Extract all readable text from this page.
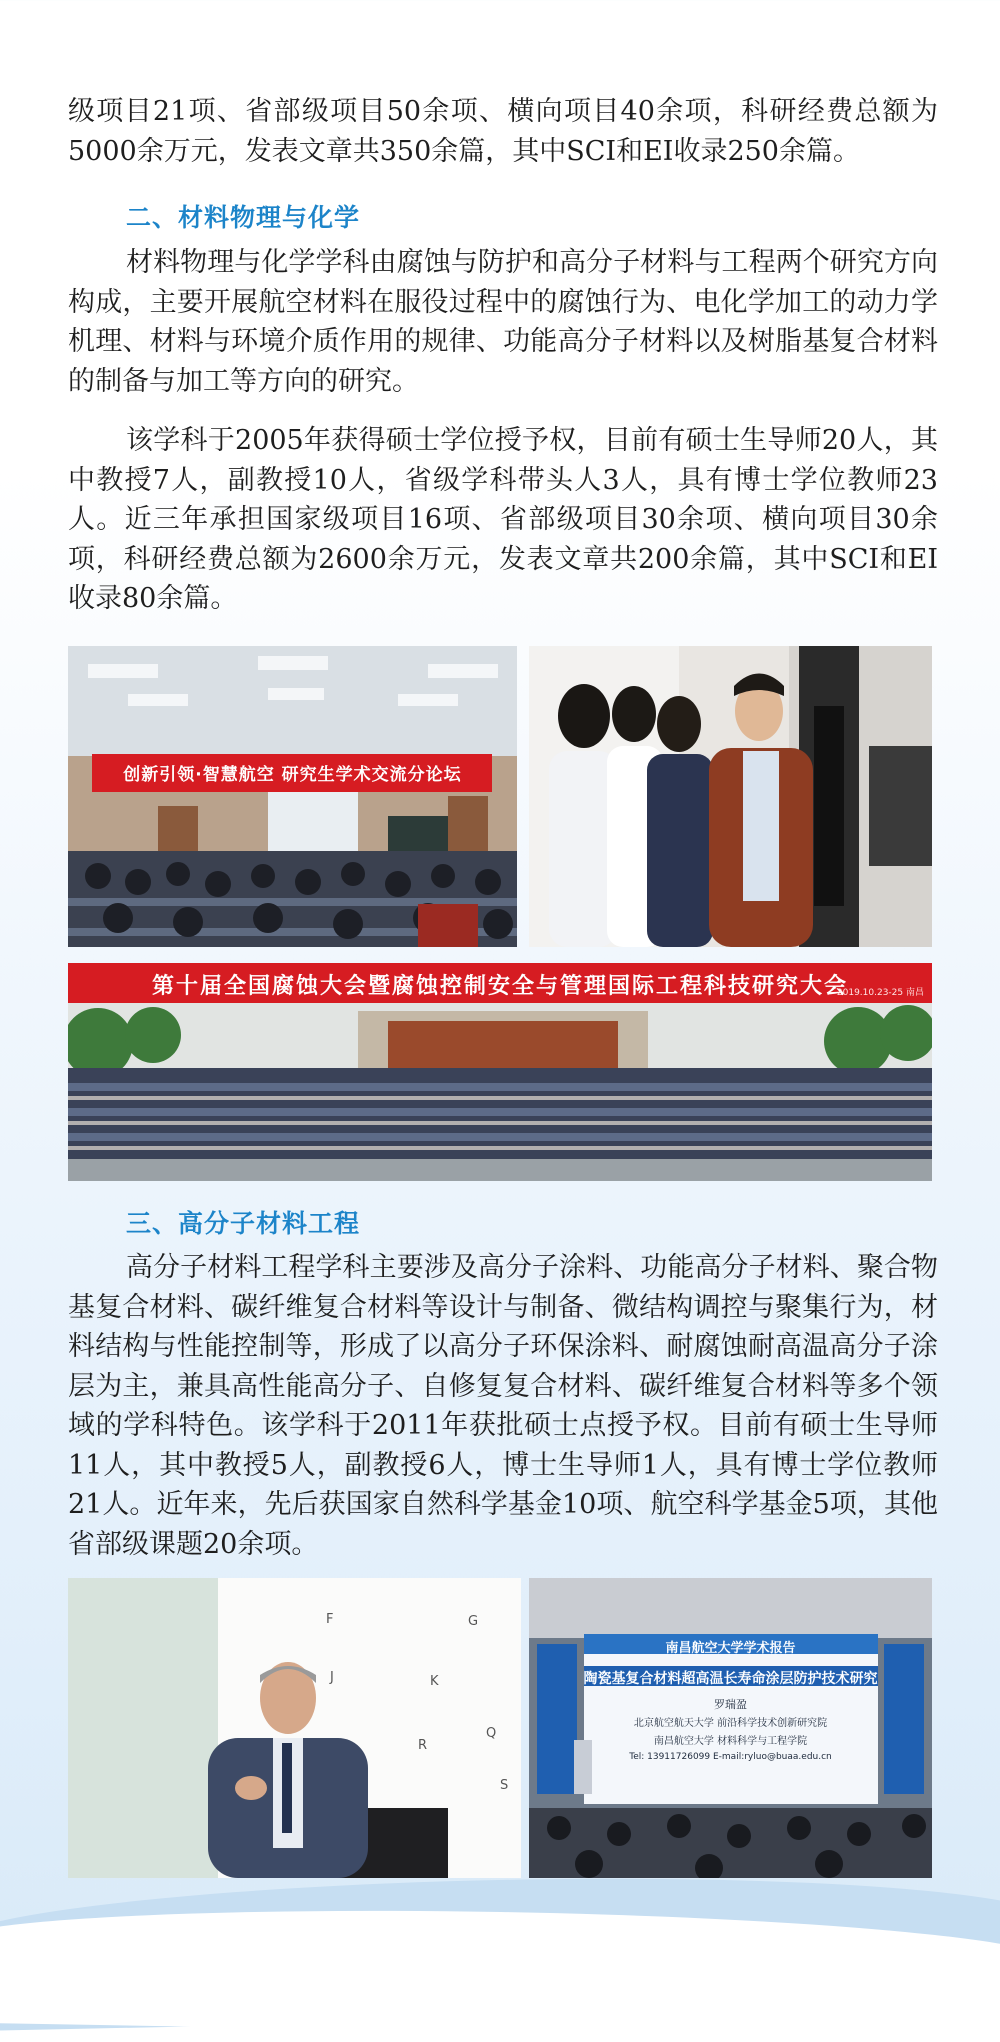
级项目21项、省部级项目50余项、横向项目40余项，科研经费总额为5000余万元，发表文章共350余篇，其中SCI和EI收录250余篇。

二、材料物理与化学

材料物理与化学学科由腐蚀与防护和高分子材料与工程两个研究方向构成，主要开展航空材料在服役过程中的腐蚀行为、电化学加工的动力学机理、材料与环境介质作用的规律、功能高分子材料以及树脂基复合材料的制备与加工等方向的研究。

该学科于2005年获得硕士学位授予权，目前有硕士生导师20人，其中教授7人，副教授10人，省级学科带头人3人，具有博士学位教师23人。近三年承担国家级项目16项、省部级项目30余项、横向项目30余项，科研经费总额为2600余万元，发表文章共200余篇，其中SCI和EI收录80余篇。

创新引领·智慧航空 研究生学术交流分论坛
第十届全国腐蚀大会暨腐蚀控制安全与管理国际工程科技研究大会
2019.10.23-25 南昌
三、高分子材料工程

高分子材料工程学科主要涉及高分子涂料、功能高分子材料、聚合物基复合材料、碳纤维复合材料等设计与制备、微结构调控与聚集行为，材料结构与性能控制等，形成了以高分子环保涂料、耐腐蚀耐高温高分子涂层为主，兼具高性能高分子、自修复复合材料、碳纤维复合材料等多个领域的学科特色。该学科于2011年获批硕士点授予权。目前有硕士生导师11人，其中教授5人，副教授6人，博士生导师1人，具有博士学位教师21人。近年来，先后获国家自然科学基金10项、航空科学基金5项，其他省部级课题20余项。

F	G
J	K
Q
R
S
南昌航空大学学术报告
陶瓷基复合材料超高温长寿命涂层防护技术研究
罗瑞盈
北京航空航天大学 前沿科学技术创新研究院
南昌航空大学 材料科学与工程学院
Tel: 13911726099 E-mail:ryluo@buaa.edu.cn
